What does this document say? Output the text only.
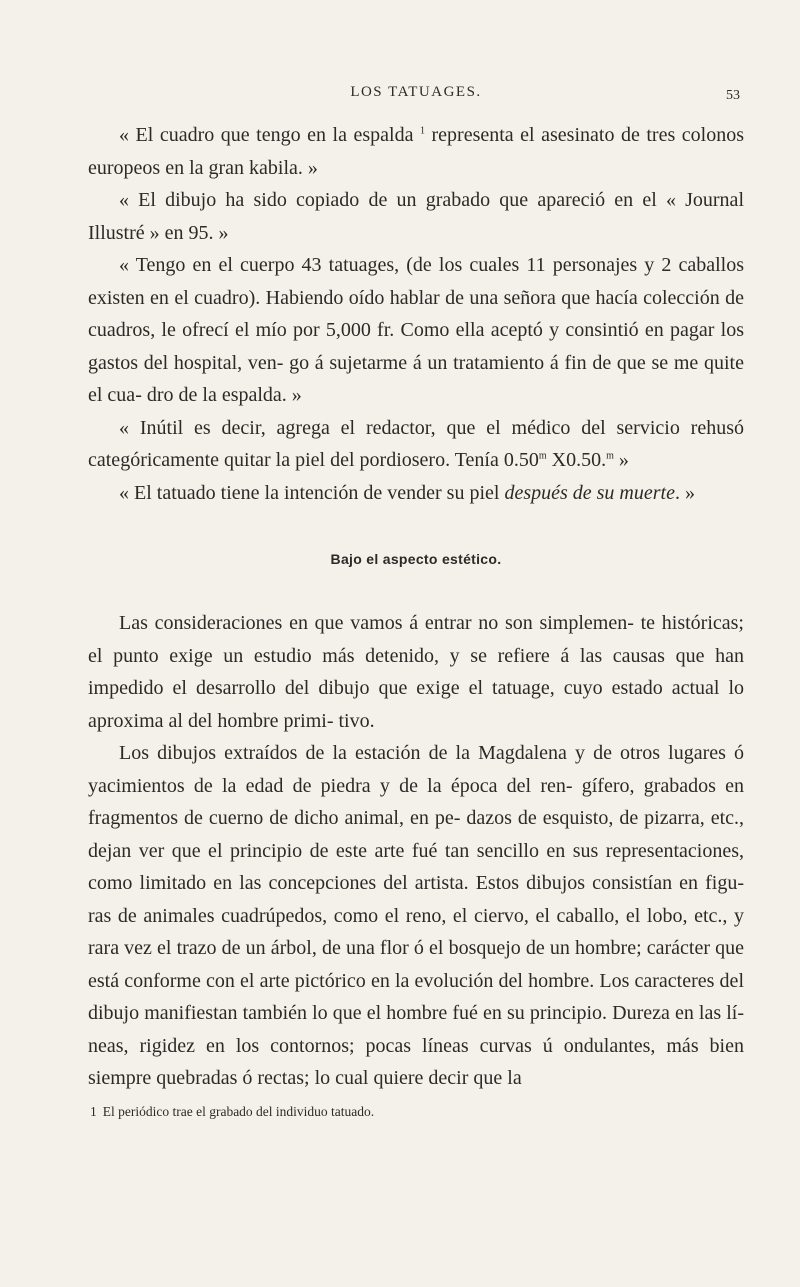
LOS TATUAGES.	53

« El cuadro que tengo en la espalda $^1$ representa el asesinato de tres colonos europeos en la gran kabila. »

« El dibujo ha sido copiado de un grabado que apareció en el « Journal Illustré » en 95. »

« Tengo en el cuerpo 43 tatuages, (de los cuales 11 personajes y 2 caballos existen en el cuadro). Habiendo oído hablar de una señora que hacía colección de cuadros, le ofrecí el mío por 5,000 fr. Como ella aceptó y consintió en pagar los gastos del hospital, ven- go á sujetarme á un tratamiento á fin de que se me quite el cua- dro de la espalda. »

« Inútil es decir, agrega el redactor, que el médico del servicio rehusó categóricamente quitar la piel del pordiosero. Tenía 0.50$^m$ X0.50.$^m$ »

« El tatuado tiene la intención de vender su piel después de su muerte. »

Bajo el aspecto estético.

Las consideraciones en que vamos á entrar no son simplemen- te históricas; el punto exige un estudio más detenido, y se refiere á las causas que han impedido el desarrollo del dibujo que exige el tatuage, cuyo estado actual lo aproxima al del hombre primi- tivo.

Los dibujos extraídos de la estación de la Magdalena y de otros lugares ó yacimientos de la edad de piedra y de la época del ren- gífero, grabados en fragmentos de cuerno de dicho animal, en pe- dazos de esquisto, de pizarra, etc., dejan ver que el principio de este arte fué tan sencillo en sus representaciones, como limitado en las concepciones del artista. Estos dibujos consistían en figu- ras de animales cuadrúpedos, como el reno, el ciervo, el caballo, el lobo, etc., y rara vez el trazo de un árbol, de una flor ó el bosquejo de un hombre; carácter que está conforme con el arte pictórico en la evolución del hombre. Los caracteres del dibujo manifiestan también lo que el hombre fué en su principio. Dureza en las lí- neas, rigidez en los contornos; pocas líneas curvas ú ondulantes, más bien siempre quebradas ó rectas; lo cual quiere decir que la

1 El periódico trae el grabado del individuo tatuado.
